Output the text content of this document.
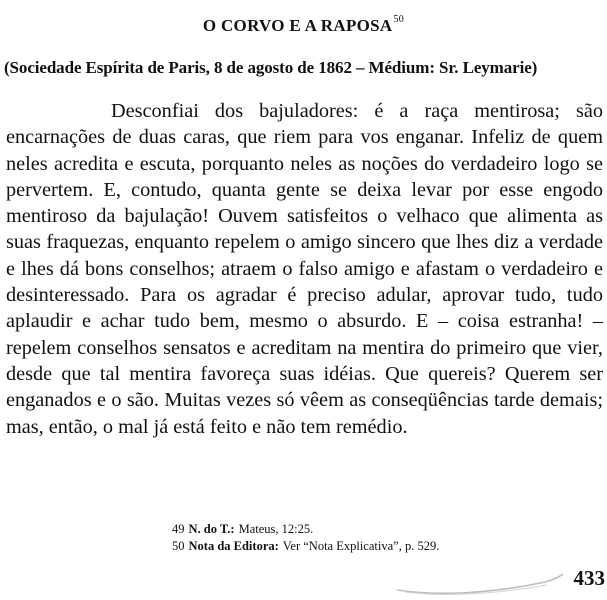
O CORVO E A RAPOSA$^{50}$
(Sociedade Espírita de Paris, 8 de agosto de 1862 – Médium: Sr. Leymarie)

Desconfiai dos bajuladores: é a raça mentirosa; são encarnações de duas caras, que riem para vos enganar. Infeliz de quem neles acredita e escuta, porquanto neles as noções do verdadeiro logo se pervertem. E, contudo, quanta gente se deixa levar por esse engodo mentiroso da bajulação! Ouvem satisfeitos o velhaco que alimenta as suas fraquezas, enquanto repelem o amigo sincero que lhes diz a verdade e lhes dá bons conselhos; atraem o falso amigo e afastam o verdadeiro e desinteressado. Para os agradar é preciso adular, aprovar tudo, tudo aplaudir e achar tudo bem, mesmo o absurdo. E – coisa estranha! – repelem conselhos sensatos e acreditam na mentira do primeiro que vier, desde que tal mentira favoreça suas idéias. Que quereis? Querem ser enganados e o são. Muitas vezes só vêem as conseqüências tarde demais; mas, então, o mal já está feito e não tem remédio.

49 N. do T.: Mateus, 12:25.
50 Nota da Editora: Ver “Nota Explicativa”, p. 529.
433
